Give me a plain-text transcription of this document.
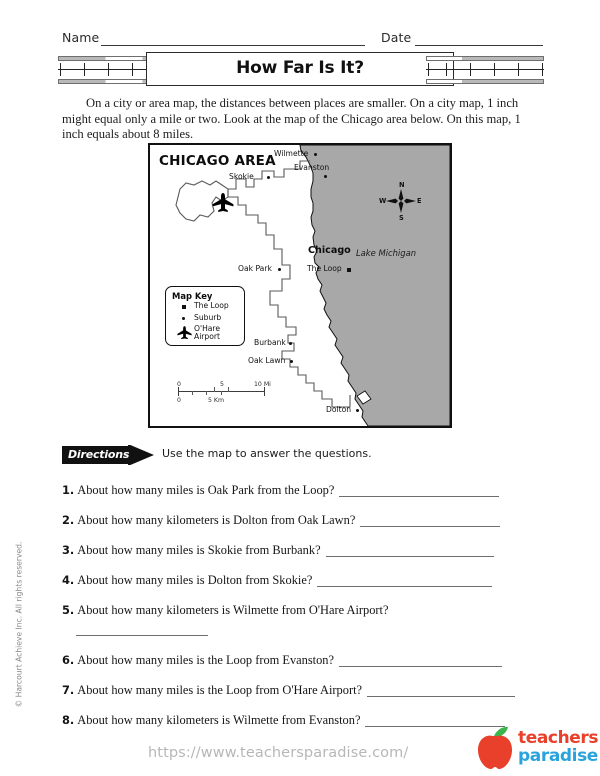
Name	Date
How Far Is It?
On a city or area map, the distances between places are smaller. On a city map, 1 inch might equal only a mile or two. Look at the map of the Chicago area below. On this map, 1 inch equals about 8 miles.
CHICAGO AREA
Lake Michigan
Chicago
N
S
E
W
Wilmette
Evanston
Skokie
Oak Park	The Loop
Burbank
Oak Lawn
Dolton
Map Key
The Loop
Suburb
O'Hare
Airport
0	5	10 Mi
0	5 Km
Directions	Use the map to answer the questions.
1. About how many miles is Oak Park from the Loop?
2. About how many kilometers is Dolton from Oak Lawn?
3. About how many miles is Skokie from Burbank?
4. About how many miles is Dolton from Skokie?
5. About how many kilometers is Wilmette from O'Hare Airport?
6. About how many miles is the Loop from Evanston?
7. About how many miles is the Loop from O'Hare Airport?
8. About how many kilometers is Wilmette from Evanston?
© Harcourt Achieve Inc. All rights reserved.
https://www.teachersparadise.com/
teachers
paradise
